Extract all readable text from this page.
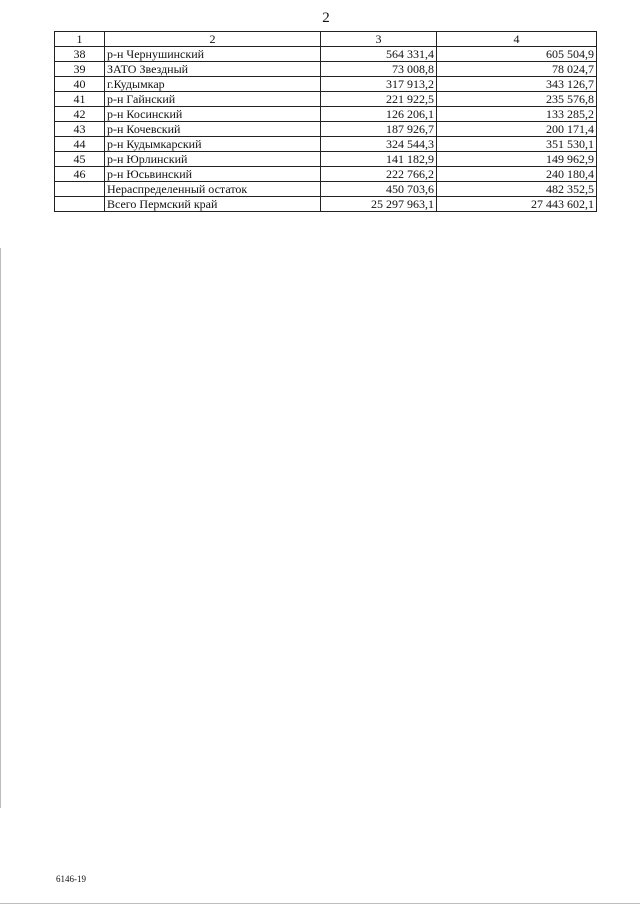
2
1	2	3	4
38	р-н Чернушинский	564 331,4	605 504,9
39	ЗАТО Звездный	73 008,8	78 024,7
40	г.Кудымкар	317 913,2	343 126,7
41	р-н Гайнский	221 922,5	235 576,8
42	р-н Косинский	126 206,1	133 285,2
43	р-н Кочевский	187 926,7	200 171,4
44	р-н Кудымкарский	324 544,3	351 530,1
45	р-н Юрлинский	141 182,9	149 962,9
46	р-н Юсьвинский	222 766,2	240 180,4
	Нераспределенный остаток	450 703,6	482 352,5
	Всего Пермский край	25 297 963,1	27 443 602,1
6146-19
